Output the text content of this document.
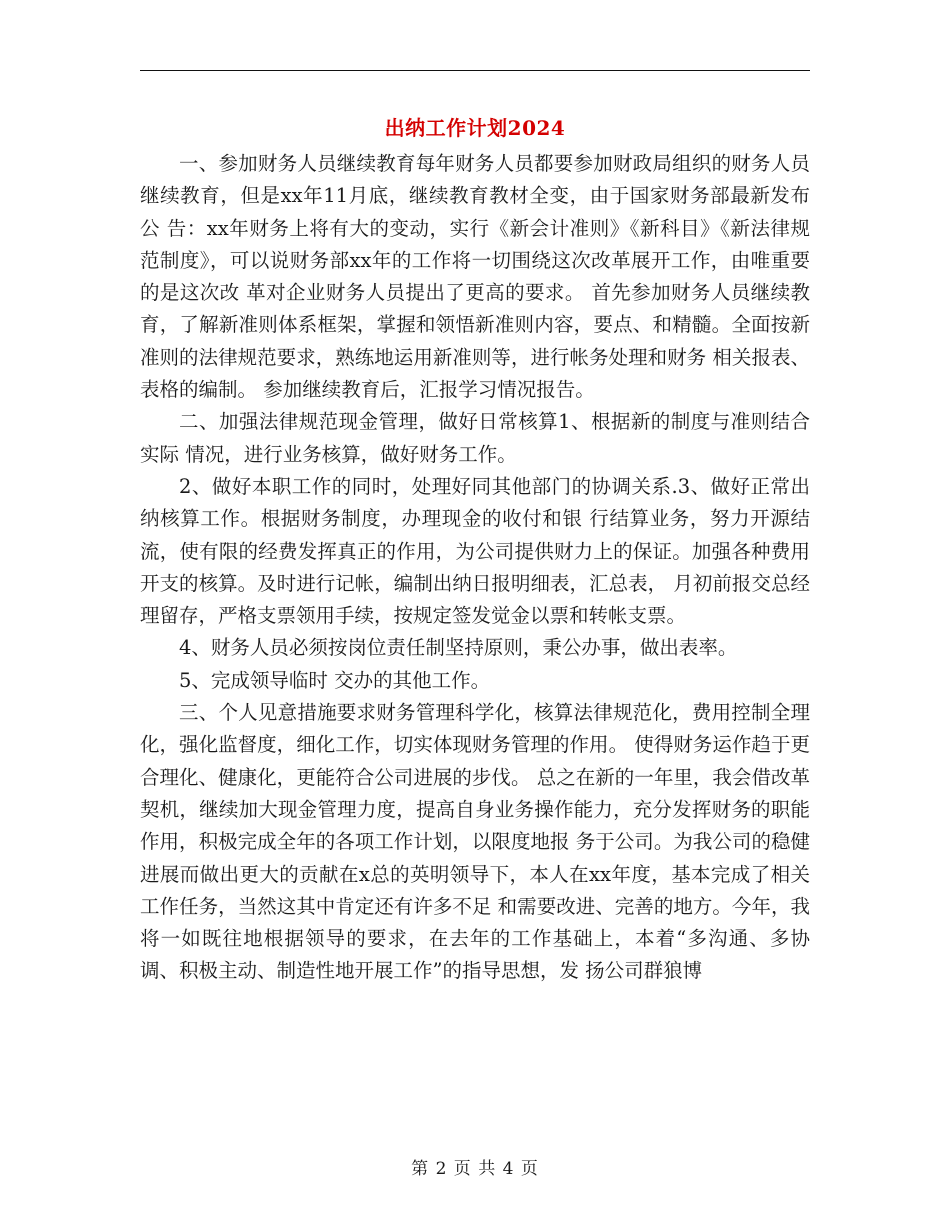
出纳工作计划2024

一、参加财务人员继续教育每年财务人员都要参加财政局组织的财务人员继续教育，但是xx年11月底，继续教育教材全变，由于国家财务部最新发布公 告：xx年财务上将有大的变动，实行《新会计准则》《新科目》《新法律规范制度》，可以说财务部xx年的工作将一切围绕这次改革展开工作，由唯重要的是这次改 革对企业财务人员提出了更高的要求。 首先参加财务人员继续教育，了解新准则体系框架，掌握和领悟新准则内容，要点、和精髓。全面按新准则的法律规范要求，熟练地运用新准则等，进行帐务处理和财务 相关报表、表格的编制。 参加继续教育后，汇报学习情况报告。

二、加强法律规范现金管理，做好日常核算1、根据新的制度与准则结合实际 情况，进行业务核算，做好财务工作。

2、做好本职工作的同时，处理好同其他部门的协调关系.3、做好正常出纳核算工作。根据财务制度，办理现金的收付和银 行结算业务，努力开源结流，使有限的经费发挥真正的作用，为公司提供财力上的保证。加强各种费用开支的核算。及时进行记帐，编制出纳日报明细表，汇总表， 月初前报交总经理留存，严格支票领用手续，按规定签发觉金以票和转帐支票。

4、财务人员必须按岗位责任制坚持原则，秉公办事，做出表率。

5、完成领导临时 交办的其他工作。

三、个人见意措施要求财务管理科学化，核算法律规范化，费用控制全理化，强化监督度，细化工作，切实体现财务管理的作用。 使得财务运作趋于更合理化、健康化，更能符合公司进展的步伐。 总之在新的一年里，我会借改革契机，继续加大现金管理力度，提高自身业务操作能力，充分发挥财务的职能作用，积极完成全年的各项工作计划，以限度地报 务于公司。为我公司的稳健进展而做出更大的贡献在x总的英明领导下，本人在xx年度，基本完成了相关工作任务，当然这其中肯定还有许多不足 和需要改进、完善的地方。今年，我将一如既往地根据领导的要求，在去年的工作基础上，本着“多沟通、多协调、积极主动、制造性地开展工作”的指导思想，发 扬公司群狼博

第 2 页 共 4 页
